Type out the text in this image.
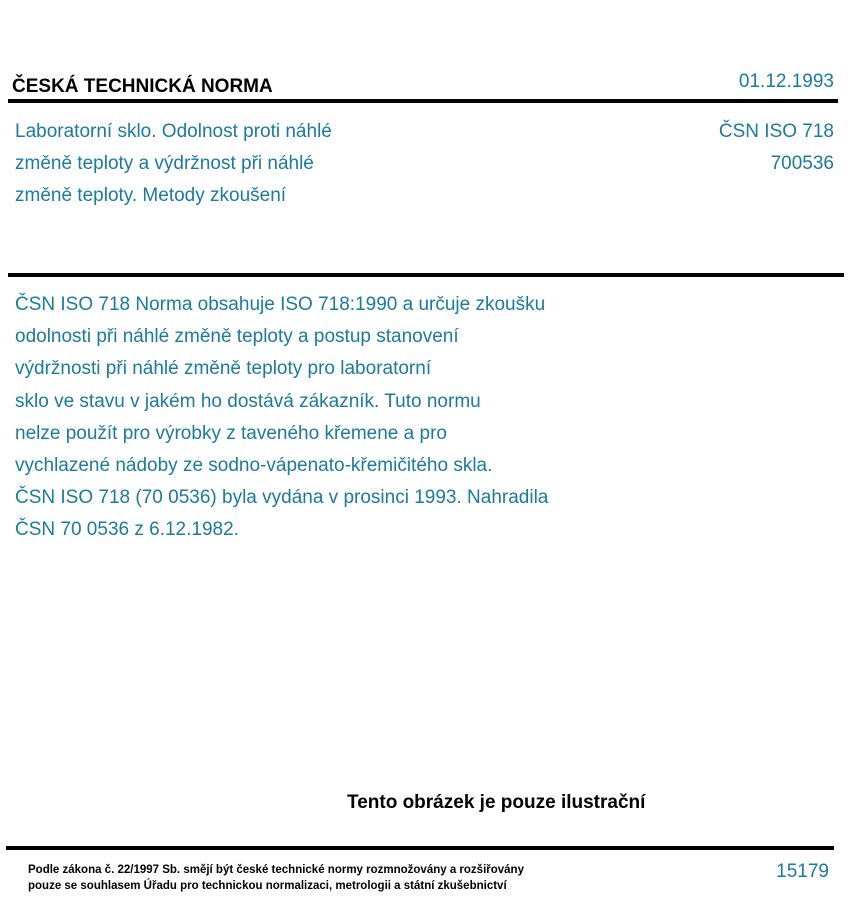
ČESKÁ TECHNICKÁ NORMA	01.12.1993
Laboratorní sklo. Odolnost proti náhlé
změně teploty a výdržnost při náhlé
změně teploty. Metody zkoušení
ČSN ISO 718
700536
ČSN ISO 718 Norma obsahuje ISO 718:1990 a určuje zkoušku
odolnosti při náhlé změně teploty a postup stanovení
výdržnosti při náhlé změně teploty pro laboratorní
sklo ve stavu v jakém ho dostává zákazník. Tuto normu
nelze použít pro výrobky z taveného křemene a pro
vychlazené nádoby ze sodno-vápenato-křemičitého skla.
ČSN ISO 718 (70 0536) byla vydána v prosinci 1993. Nahradila
ČSN 70 0536 z 6.12.1982.
Tento obrázek je pouze ilustrační
Podle zákona č. 22/1997 Sb. smějí být české technické normy rozmnožovány a rozšiřovány
pouze se souhlasem Úřadu pro technickou normalizaci, metrologii a státní zkušebnictví
15179
